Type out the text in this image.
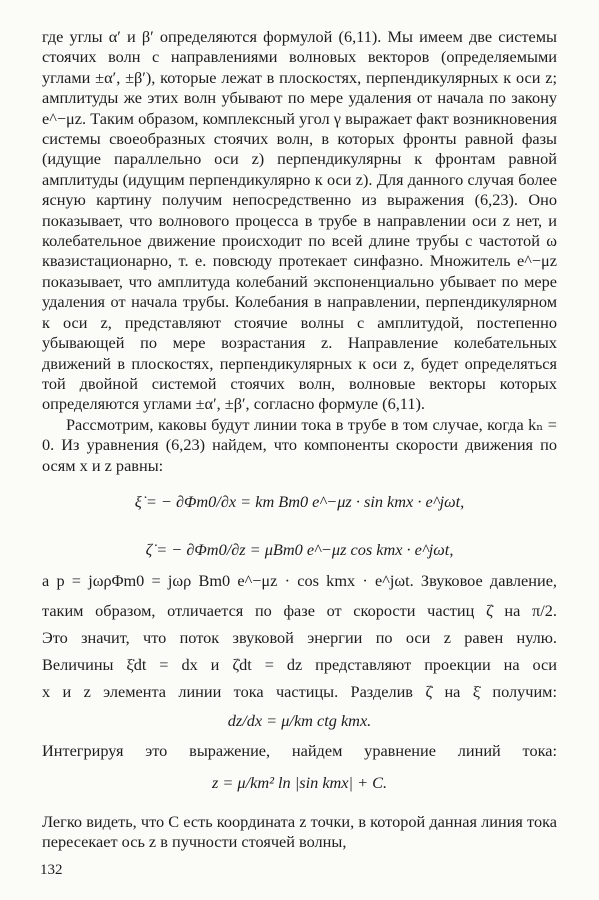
где углы α′ и β′ определяются формулой (6,11). Мы имеем две системы стоячих волн с направлениями волновых векторов (определяемыми углами ±α′, ±β′), которые лежат в плоскостях, перпендикулярных к оси z; амплитуды же этих волн убывают по мере удаления от начала по закону e^−μz. Таким образом, комплексный угол γ выражает факт возникновения системы своеобразных стоячих волн, в которых фронты равной фазы (идущие параллельно оси z) перпендикулярны к фронтам равной амплитуды (идущим перпендикулярно к оси z). Для данного случая более ясную картину получим непосредственно из выражения (6,23). Оно показывает, что волнового процесса в трубе в направлении оси z нет, и колебательное движение происходит по всей длине трубы с частотой ω квазистационарно, т. е. повсюду протекает синфазно. Множитель e^−μz показывает, что амплитуда колебаний экспоненциально убывает по мере удаления от начала трубы. Колебания в направлении, перпендикулярном к оси z, представляют стоячие волны с амплитудой, постепенно убывающей по мере возрастания z. Направление колебательных движений в плоскостях, перпендикулярных к оси z, будет определяться той двойной системой стоячих волн, волновые векторы которых определяются углами ±α′, ±β′, согласно формуле (6,11).

Рассмотрим, каковы будут линии тока в трубе в том случае, когда kₙ = 0. Из уравнения (6,23) найдем, что компоненты скорости движения по осям x и z равны:

ξ̇ = − ∂Φm0/∂x = km Bm0 e^−μz · sin kmx · e^jωt,
ζ̇ = − ∂Φm0/∂z = μBm0 e^−μz cos kmx · e^jωt,
а p = jωρΦm0 = jωρ Bm0 e^−μz · cos kmx · e^jωt. Звуковое давление,
таким образом, отличается по фазе от скорости частиц ζ̇ на π/2.
Это значит, что поток звуковой энергии по оси z равен нулю.
Величины ξ̇dt = dx и ζ̇dt = dz представляют проекции на оси
x и z элемента линии тока частицы. Разделив ζ̇ на ξ̇ получим:
dz/dx = μ/km ctg kmx.
Интегрируя это выражение, найдем уравнение линий тока:
z = μ/km² ln |sin kmx| + C.

Легко видеть, что C есть координата z точки, в которой данная линия тока пересекает ось z в пучности стоячей волны,

132
